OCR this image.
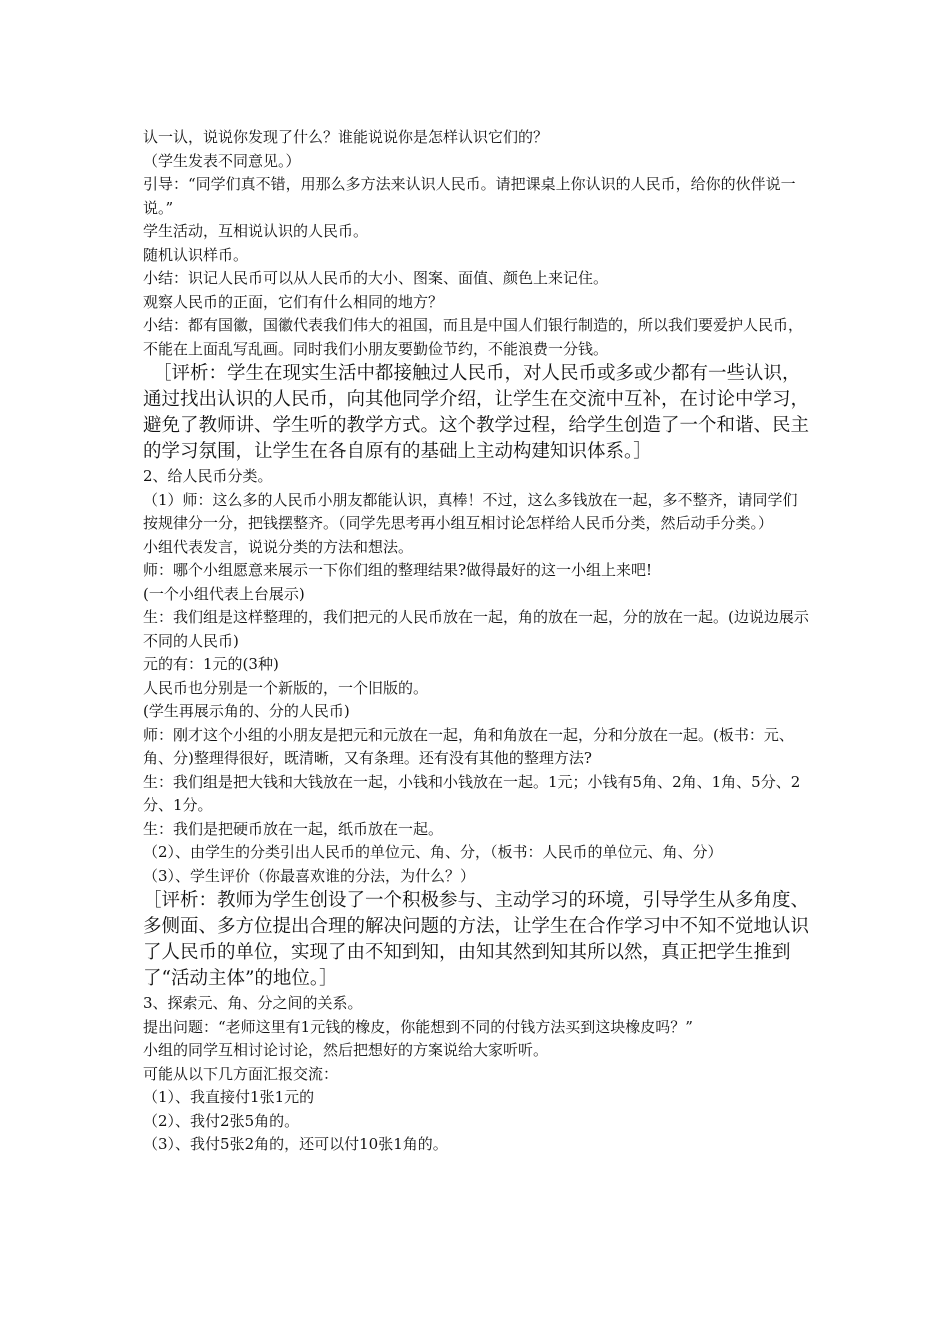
认一认，说说你发现了什么？谁能说说你是怎样认识它们的？

（学生发表不同意见。）

引导：“同学们真不错，用那么多方法来认识人民币。请把课桌上你认识的人民币，给你的伙伴说一说。”

学生活动，互相说认识的人民币。

随机认识样币。

小结：识记人民币可以从人民币的大小、图案、面值、颜色上来记住。

观察人民币的正面，它们有什么相同的地方？

小结：都有国徽，国徽代表我们伟大的祖国，而且是中国人们银行制造的，所以我们要爱护人民币，不能在上面乱写乱画。同时我们小朋友要勤俭节约，不能浪费一分钱。

［评析：学生在现实生活中都接触过人民币，对人民币或多或少都有一些认识，通过找出认识的人民币，向其他同学介绍，让学生在交流中互补，在讨论中学习，避免了教师讲、学生听的教学方式。这个教学过程，给学生创造了一个和谐、民主的学习氛围，让学生在各自原有的基础上主动构建知识体系。］

2、给人民币分类。

（1）师：这么多的人民币小朋友都能认识，真棒！不过，这么多钱放在一起，多不整齐，请同学们按规律分一分，把钱摆整齐。（同学先思考再小组互相讨论怎样给人民币分类，然后动手分类。）

小组代表发言，说说分类的方法和想法。

师：哪个小组愿意来展示一下你们组的整理结果?做得最好的这一小组上来吧!

(一个小组代表上台展示)

生：我们组是这样整理的，我们把元的人民币放在一起，角的放在一起，分的放在一起。(边说边展示不同的人民币)

元的有：1元的(3种)

人民币也分别是一个新版的，一个旧版的。

(学生再展示角的、分的人民币)

师：刚才这个小组的小朋友是把元和元放在一起，角和角放在一起，分和分放在一起。(板书：元、角、分)整理得很好，既清晰，又有条理。还有没有其他的整理方法?

生：我们组是把大钱和大钱放在一起，小钱和小钱放在一起。1元；小钱有5角、2角、1角、5分、2分、1分。

生：我们是把硬币放在一起，纸币放在一起。

（2）、由学生的分类引出人民币的单位元、角、分，（板书：人民币的单位元、角、分）

（3）、学生评价（你最喜欢谁的分法，为什么？）

［评析：教师为学生创设了一个积极参与、主动学习的环境，引导学生从多角度、多侧面、多方位提出合理的解决问题的方法，让学生在合作学习中不知不觉地认识了人民币的单位，实现了由不知到知，由知其然到知其所以然，真正把学生推到了“活动主体”的地位。］

3、探索元、角、分之间的关系。

提出问题：“老师这里有1元钱的橡皮，你能想到不同的付钱方法买到这块橡皮吗？”

小组的同学互相讨论讨论，然后把想好的方案说给大家听听。

可能从以下几方面汇报交流：

（1）、我直接付1张1元的

（2）、我付2张5角的。

（3）、我付5张2角的，还可以付10张1角的。
